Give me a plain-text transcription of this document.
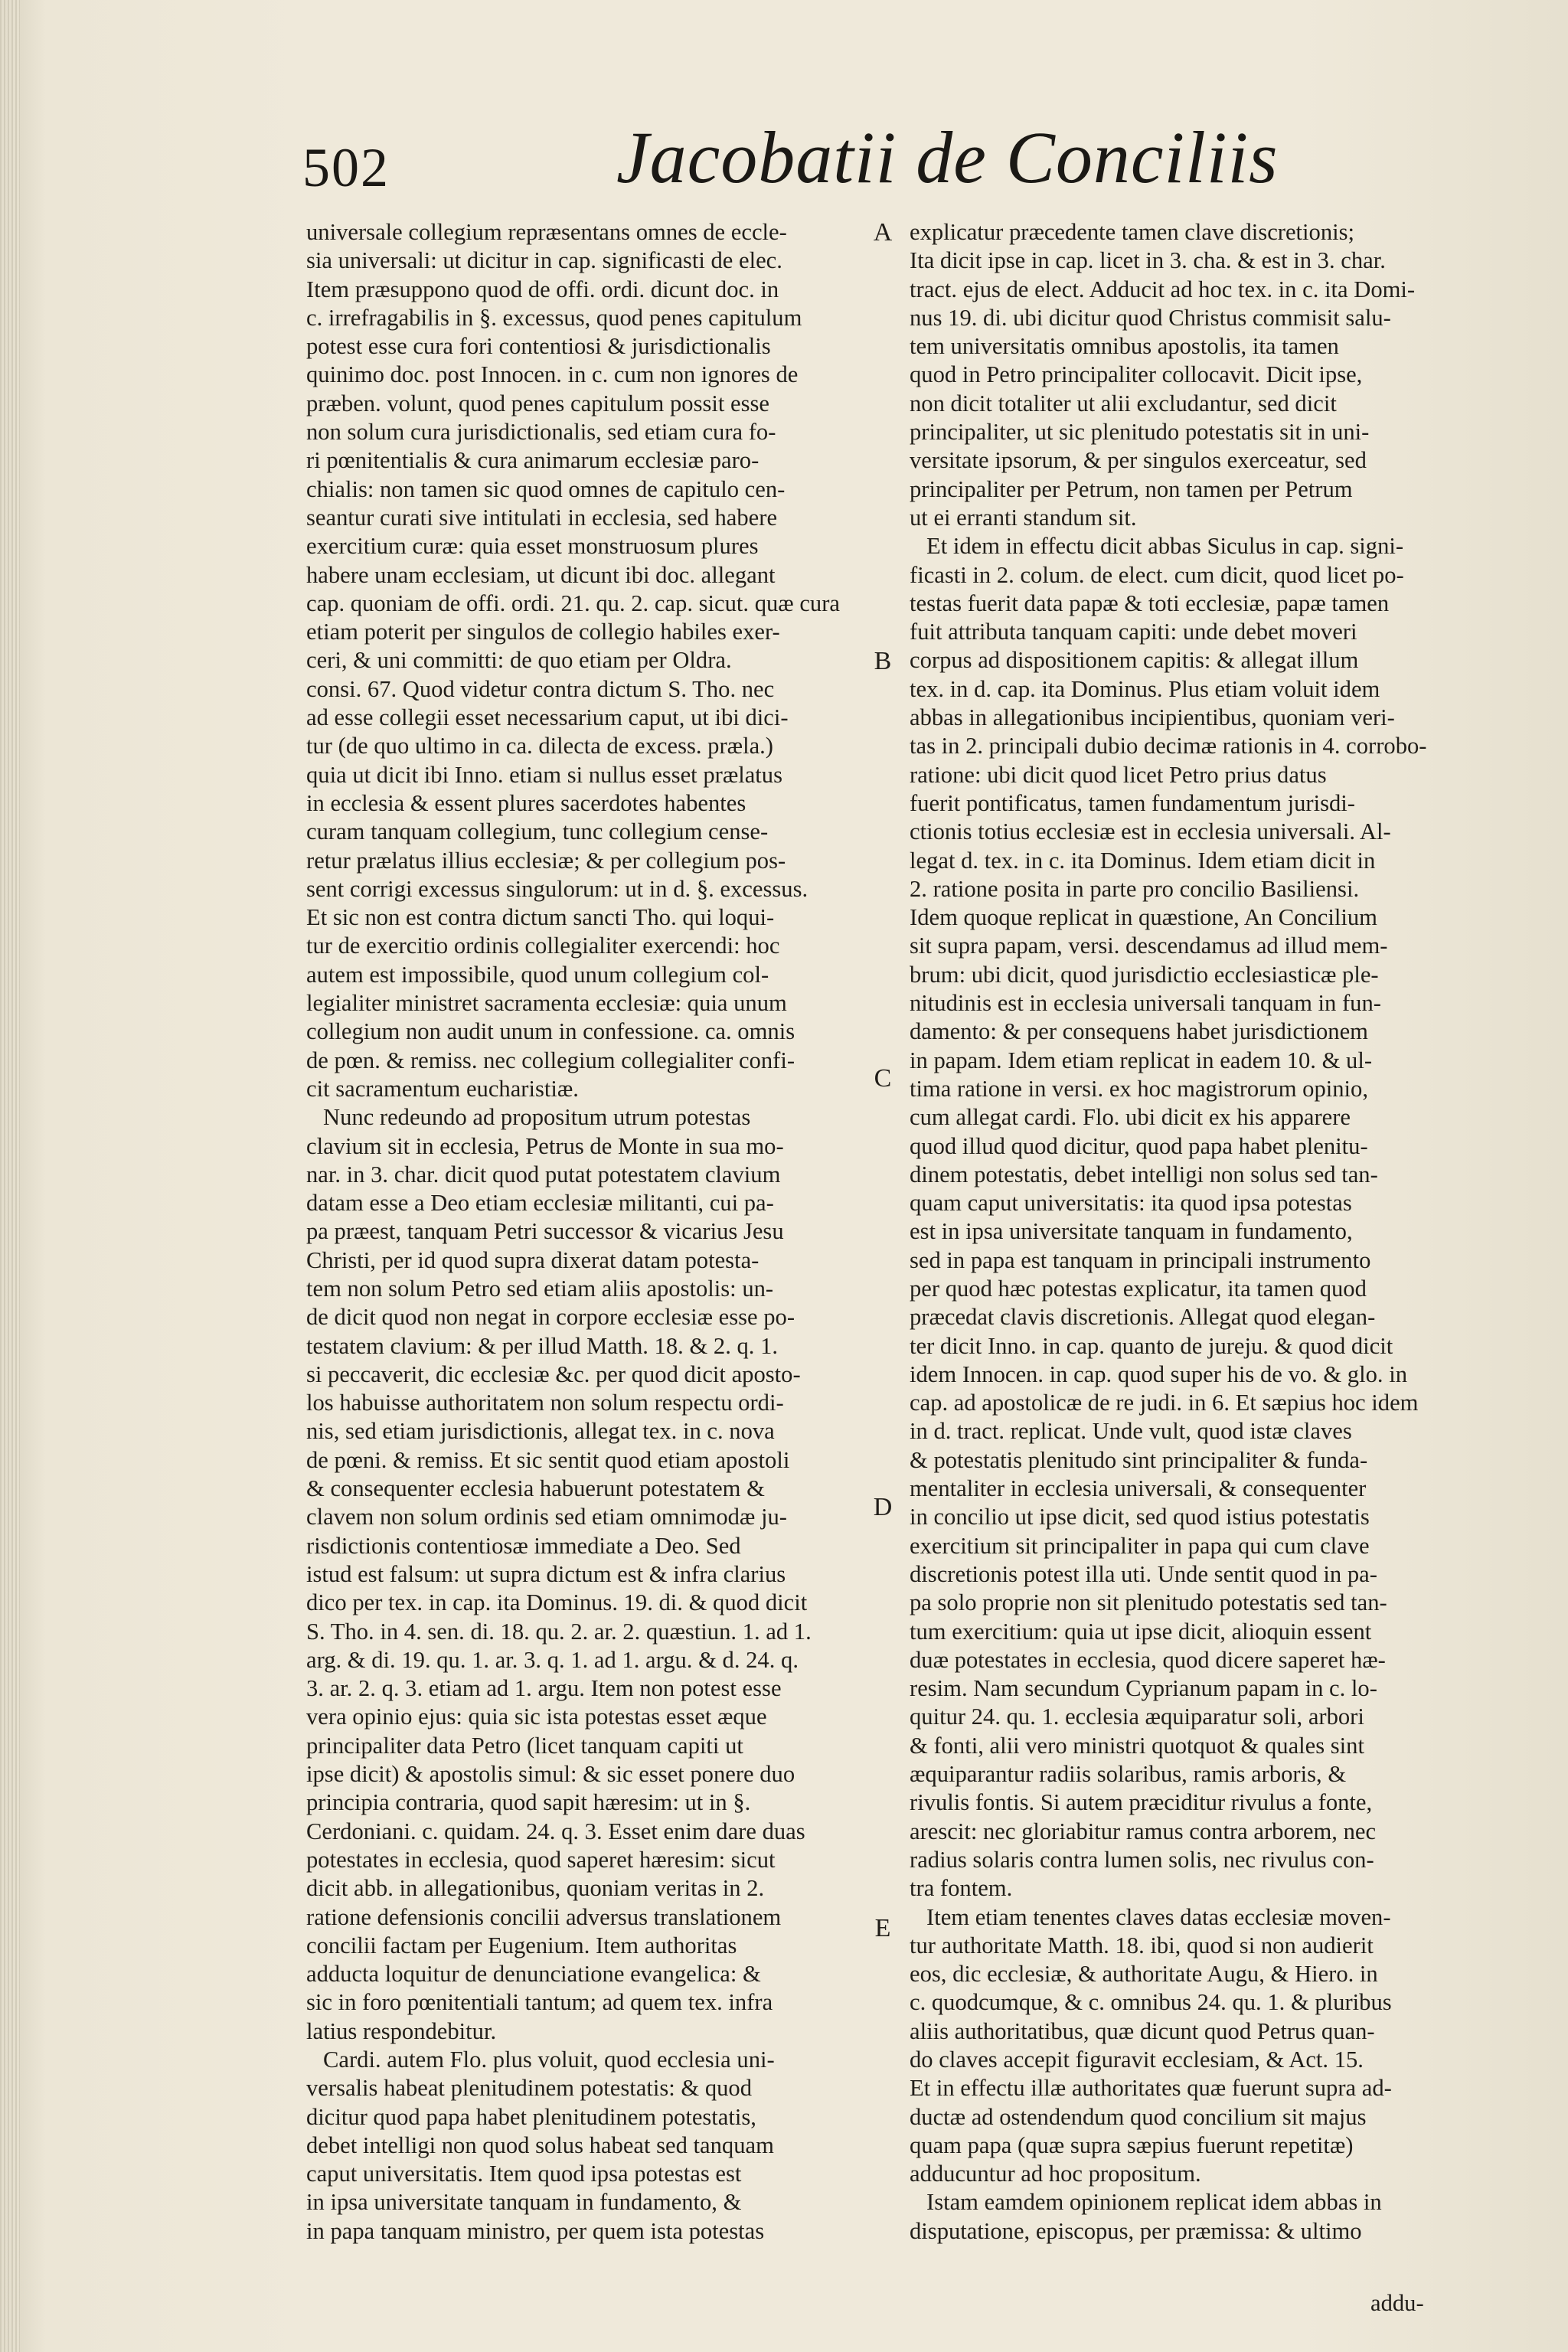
502	Jacobatii de Conciliis
universale collegium repræsentans omnes de eccle-
sia universali: ut dicitur in cap. significasti de elec.
Item præsuppono quod de offi. ordi. dicunt doc. in
c. irrefragabilis in §. excessus, quod penes capitulum
potest esse cura fori contentiosi & jurisdictionalis
quinimo doc. post Innocen. in c. cum non ignores de
præben. volunt, quod penes capitulum possit esse
non solum cura jurisdictionalis, sed etiam cura fo-
ri pœnitentialis & cura animarum ecclesiæ paro-
chialis: non tamen sic quod omnes de capitulo cen-
seantur curati sive intitulati in ecclesia, sed habere
exercitium curæ: quia esset monstruosum plures
habere unam ecclesiam, ut dicunt ibi doc. allegant
cap. quoniam de offi. ordi. 21. qu. 2. cap. sicut. quæ cura
etiam poterit per singulos de collegio habiles exer-
ceri, & uni committi: de quo etiam per Oldra.
consi. 67. Quod videtur contra dictum S. Tho. nec
ad esse collegii esset necessarium caput, ut ibi dici-
tur (de quo ultimo in ca. dilecta de excess. præla.)
quia ut dicit ibi Inno. etiam si nullus esset prælatus
in ecclesia & essent plures sacerdotes habentes
curam tanquam collegium, tunc collegium cense-
retur prælatus illius ecclesiæ; & per collegium pos-
sent corrigi excessus singulorum: ut in d. §. excessus.
Et sic non est contra dictum sancti Tho. qui loqui-
tur de exercitio ordinis collegialiter exercendi: hoc
autem est impossibile, quod unum collegium col-
legialiter ministret sacramenta ecclesiæ: quia unum
collegium non audit unum in confessione. ca. omnis
de pœn. & remiss. nec collegium collegialiter confi-
cit sacramentum eucharistiæ.
Nunc redeundo ad propositum utrum potestas
clavium sit in ecclesia, Petrus de Monte in sua mo-
nar. in 3. char. dicit quod putat potestatem clavium
datam esse a Deo etiam ecclesiæ militanti, cui pa-
pa præest, tanquam Petri successor & vicarius Jesu
Christi, per id quod supra dixerat datam potesta-
tem non solum Petro sed etiam aliis apostolis: un-
de dicit quod non negat in corpore ecclesiæ esse po-
testatem clavium: & per illud Matth. 18. & 2. q. 1.
si peccaverit, dic ecclesiæ &c. per quod dicit aposto-
los habuisse authoritatem non solum respectu ordi-
nis, sed etiam jurisdictionis, allegat tex. in c. nova
de pœni. & remiss. Et sic sentit quod etiam apostoli
& consequenter ecclesia habuerunt potestatem &
clavem non solum ordinis sed etiam omnimodæ ju-
risdictionis contentiosæ immediate a Deo. Sed
istud est falsum: ut supra dictum est & infra clarius
dico per tex. in cap. ita Dominus. 19. di. & quod dicit
S. Tho. in 4. sen. di. 18. qu. 2. ar. 2. quæstiun. 1. ad 1.
arg. & di. 19. qu. 1. ar. 3. q. 1. ad 1. argu. & d. 24. q.
3. ar. 2. q. 3. etiam ad 1. argu. Item non potest esse
vera opinio ejus: quia sic ista potestas esset æque
principaliter data Petro (licet tanquam capiti ut
ipse dicit) & apostolis simul: & sic esset ponere duo
principia contraria, quod sapit hæresim: ut in §.
Cerdoniani. c. quidam. 24. q. 3. Esset enim dare duas
potestates in ecclesia, quod saperet hæresim: sicut
dicit abb. in allegationibus, quoniam veritas in 2.
ratione defensionis concilii adversus translationem
concilii factam per Eugenium. Item authoritas
adducta loquitur de denunciatione evangelica: &
sic in foro pœnitentiali tantum; ad quem tex. infra
latius respondebitur.
Cardi. autem Flo. plus voluit, quod ecclesia uni-
versalis habeat plenitudinem potestatis: & quod
dicitur quod papa habet plenitudinem potestatis,
debet intelligi non quod solus habeat sed tanquam
caput universitatis. Item quod ipsa potestas est
in ipsa universitate tanquam in fundamento, &
in papa tanquam ministro, per quem ista potestas
A
B
C
D
E
explicatur præcedente tamen clave discretionis;
Ita dicit ipse in cap. licet in 3. cha. & est in 3. char.
tract. ejus de elect. Adducit ad hoc tex. in c. ita Domi-
nus 19. di. ubi dicitur quod Christus commisit salu-
tem universitatis omnibus apostolis, ita tamen
quod in Petro principaliter collocavit. Dicit ipse,
non dicit totaliter ut alii excludantur, sed dicit
principaliter, ut sic plenitudo potestatis sit in uni-
versitate ipsorum, & per singulos exerceatur, sed
principaliter per Petrum, non tamen per Petrum
ut ei erranti standum sit.
Et idem in effectu dicit abbas Siculus in cap. signi-
ficasti in 2. colum. de elect. cum dicit, quod licet po-
testas fuerit data papæ & toti ecclesiæ, papæ tamen
fuit attributa tanquam capiti: unde debet moveri
corpus ad dispositionem capitis: & allegat illum
tex. in d. cap. ita Dominus. Plus etiam voluit idem
abbas in allegationibus incipientibus, quoniam veri-
tas in 2. principali dubio decimæ rationis in 4. corrobo-
ratione: ubi dicit quod licet Petro prius datus
fuerit pontificatus, tamen fundamentum jurisdi-
ctionis totius ecclesiæ est in ecclesia universali. Al-
legat d. tex. in c. ita Dominus. Idem etiam dicit in
2. ratione posita in parte pro concilio Basiliensi.
Idem quoque replicat in quæstione, An Concilium
sit supra papam, versi. descendamus ad illud mem-
brum: ubi dicit, quod jurisdictio ecclesiasticæ ple-
nitudinis est in ecclesia universali tanquam in fun-
damento: & per consequens habet jurisdictionem
in papam. Idem etiam replicat in eadem 10. & ul-
tima ratione in versi. ex hoc magistrorum opinio,
cum allegat cardi. Flo. ubi dicit ex his apparere
quod illud quod dicitur, quod papa habet plenitu-
dinem potestatis, debet intelligi non solus sed tan-
quam caput universitatis: ita quod ipsa potestas
est in ipsa universitate tanquam in fundamento,
sed in papa est tanquam in principali instrumento
per quod hæc potestas explicatur, ita tamen quod
præcedat clavis discretionis. Allegat quod elegan-
ter dicit Inno. in cap. quanto de jureju. & quod dicit
idem Innocen. in cap. quod super his de vo. & glo. in
cap. ad apostolicæ de re judi. in 6. Et sæpius hoc idem
in d. tract. replicat. Unde vult, quod istæ claves
& potestatis plenitudo sint principaliter & funda-
mentaliter in ecclesia universali, & consequenter
in concilio ut ipse dicit, sed quod istius potestatis
exercitium sit principaliter in papa qui cum clave
discretionis potest illa uti. Unde sentit quod in pa-
pa solo proprie non sit plenitudo potestatis sed tan-
tum exercitium: quia ut ipse dicit, alioquin essent
duæ potestates in ecclesia, quod dicere saperet hæ-
resim. Nam secundum Cyprianum papam in c. lo-
quitur 24. qu. 1. ecclesia æquiparatur soli, arbori
& fonti, alii vero ministri quotquot & quales sint
æquiparantur radiis solaribus, ramis arboris, &
rivulis fontis. Si autem præciditur rivulus a fonte,
arescit: nec gloriabitur ramus contra arborem, nec
radius solaris contra lumen solis, nec rivulus con-
tra fontem.
Item etiam tenentes claves datas ecclesiæ moven-
tur authoritate Matth. 18. ibi, quod si non audierit
eos, dic ecclesiæ, & authoritate Augu, & Hiero. in
c. quodcumque, & c. omnibus 24. qu. 1. & pluribus
aliis authoritatibus, quæ dicunt quod Petrus quan-
do claves accepit figuravit ecclesiam, & Act. 15.
Et in effectu illæ authoritates quæ fuerunt supra ad-
ductæ ad ostendendum quod concilium sit majus
quam papa (quæ supra sæpius fuerunt repetitæ)
adducuntur ad hoc propositum.
Istam eamdem opinionem replicat idem abbas in
disputatione, episcopus, per præmissa: & ultimo
addu-
